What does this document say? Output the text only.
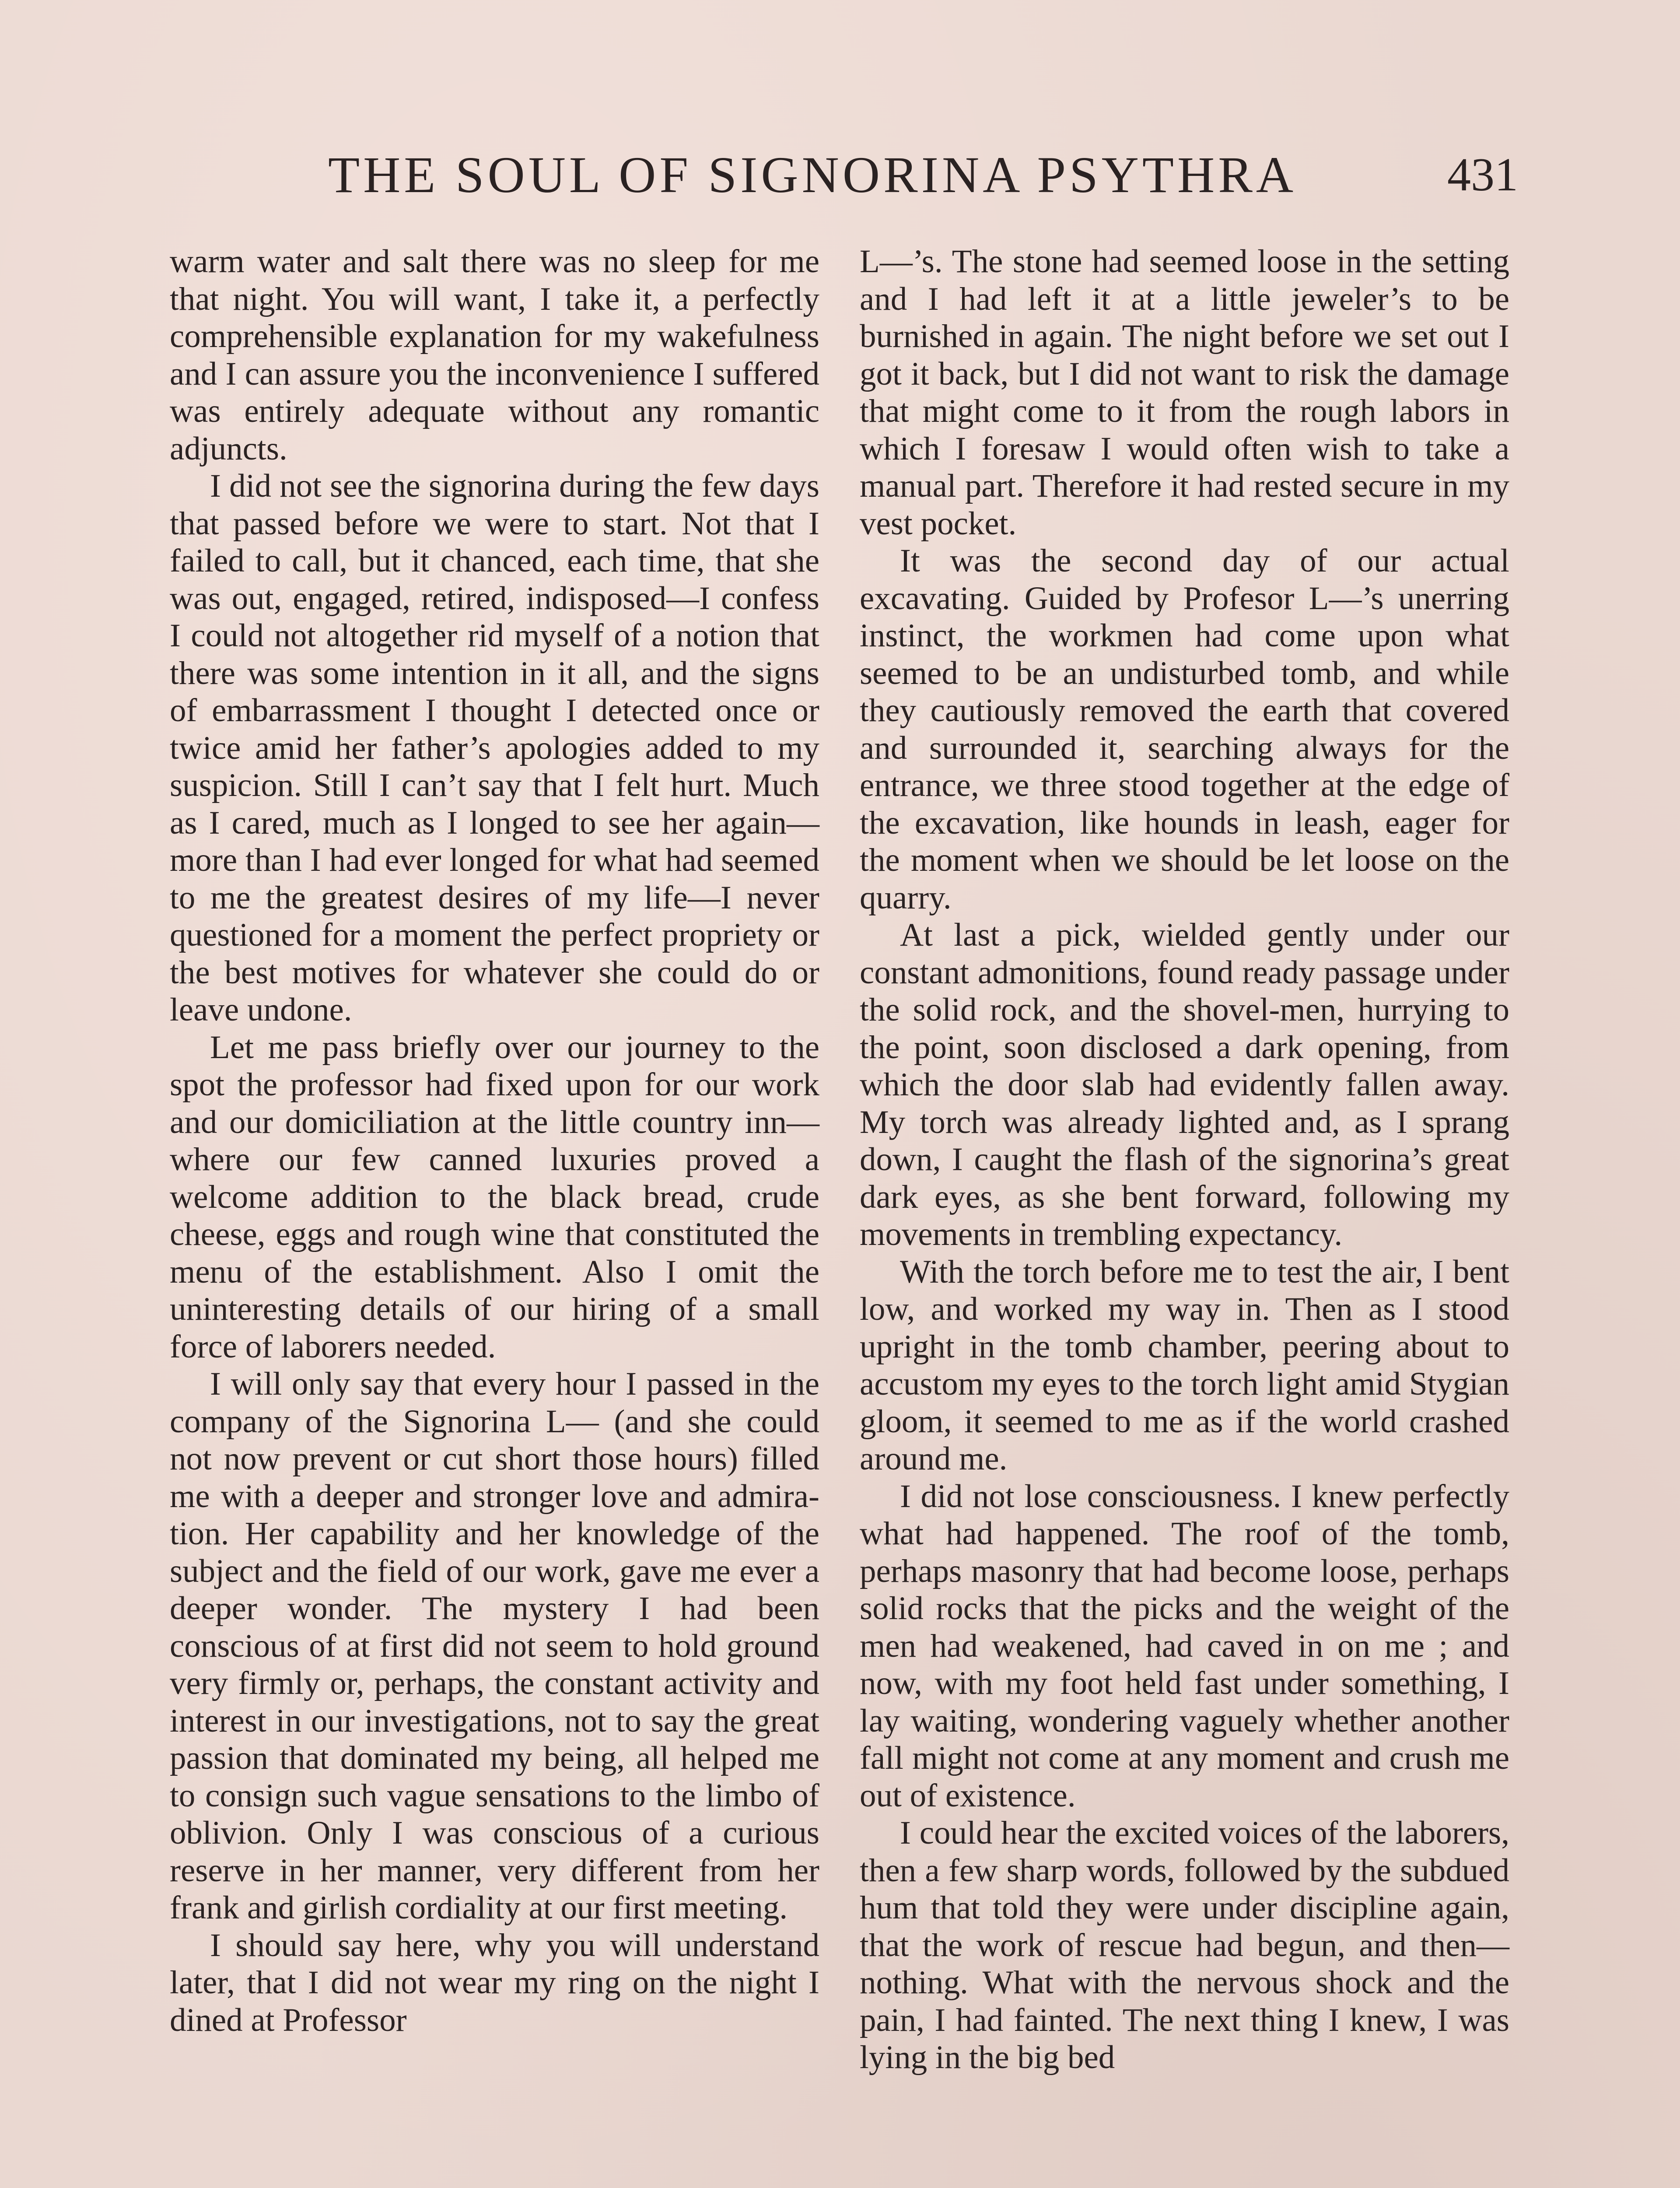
THE SOUL OF SIGNORINA PSYTHRA	431

warm water and salt there was no sleep for me that night. You will want, I take it, a perfectly comprehensible explanation for my wakefulness and I can assure you the inconvenience I suffered was entirely adequate without any romantic adjuncts.

I did not see the signorina during the few days that passed before we were to start. Not that I failed to call, but it chanced, each time, that she was out, engaged, retired, indisposed—I confess I could not altogether rid myself of a notion that there was some intention in it all, and the signs of embarrassment I thought I detected once or twice amid her father’s apologies added to my suspicion. Still I can’t say that I felt hurt. Much as I cared, much as I longed to see her again—more than I had ever longed for what had seemed to me the greatest desires of my life—I never questioned for a moment the perfect propriety or the best motives for whatever she could do or leave undone.

Let me pass briefly over our journey to the spot the professor had fixed upon for our work and our domiciliation at the little country inn—where our few canned luxuries proved a welcome addition to the black bread, crude cheese, eggs and rough wine that constituted the menu of the establishment. Also I omit the uninteresting details of our hiring of a small force of laborers needed.

I will only say that every hour I passed in the company of the Signorina L— (and she could not now prevent or cut short those hours) filled me with a deeper and stronger love and admiration. Her capability and her knowledge of the subject and the field of our work, gave me ever a deeper wonder. The mystery I had been conscious of at first did not seem to hold ground very firmly or, perhaps, the constant activity and interest in our investigations, not to say the great passion that dominated my being, all helped me to consign such vague sensations to the limbo of oblivion. Only I was conscious of a curious reserve in her manner, very different from her frank and girlish cordiality at our first meeting.

I should say here, why you will understand later, that I did not wear my ring on the night I dined at Professor

L—’s. The stone had seemed loose in the setting and I had left it at a little jeweler’s to be burnished in again. The night before we set out I got it back, but I did not want to risk the damage that might come to it from the rough labors in which I foresaw I would often wish to take a manual part. Therefore it had rested secure in my vest pocket.

It was the second day of our actual excavating. Guided by Profesor L—’s unerring instinct, the workmen had come upon what seemed to be an undisturbed tomb, and while they cautiously removed the earth that covered and surrounded it, searching always for the entrance, we three stood together at the edge of the excavation, like hounds in leash, eager for the moment when we should be let loose on the quarry.

At last a pick, wielded gently under our constant admonitions, found ready passage under the solid rock, and the shovel-men, hurrying to the point, soon disclosed a dark opening, from which the door slab had evidently fallen away. My torch was already lighted and, as I sprang down, I caught the flash of the signorina’s great dark eyes, as she bent forward, following my movements in trembling expectancy.

With the torch before me to test the air, I bent low, and worked my way in. Then as I stood upright in the tomb chamber, peering about to accustom my eyes to the torch light amid Stygian gloom, it seemed to me as if the world crashed around me.

I did not lose consciousness. I knew perfectly what had happened. The roof of the tomb, perhaps masonry that had become loose, perhaps solid rocks that the picks and the weight of the men had weakened, had caved in on me ; and now, with my foot held fast under something, I lay waiting, wondering vaguely whether another fall might not come at any moment and crush me out of existence.

I could hear the excited voices of the laborers, then a few sharp words, followed by the subdued hum that told they were under discipline again, that the work of rescue had begun, and then—nothing. What with the nervous shock and the pain, I had fainted. The next thing I knew, I was lying in the big bed
